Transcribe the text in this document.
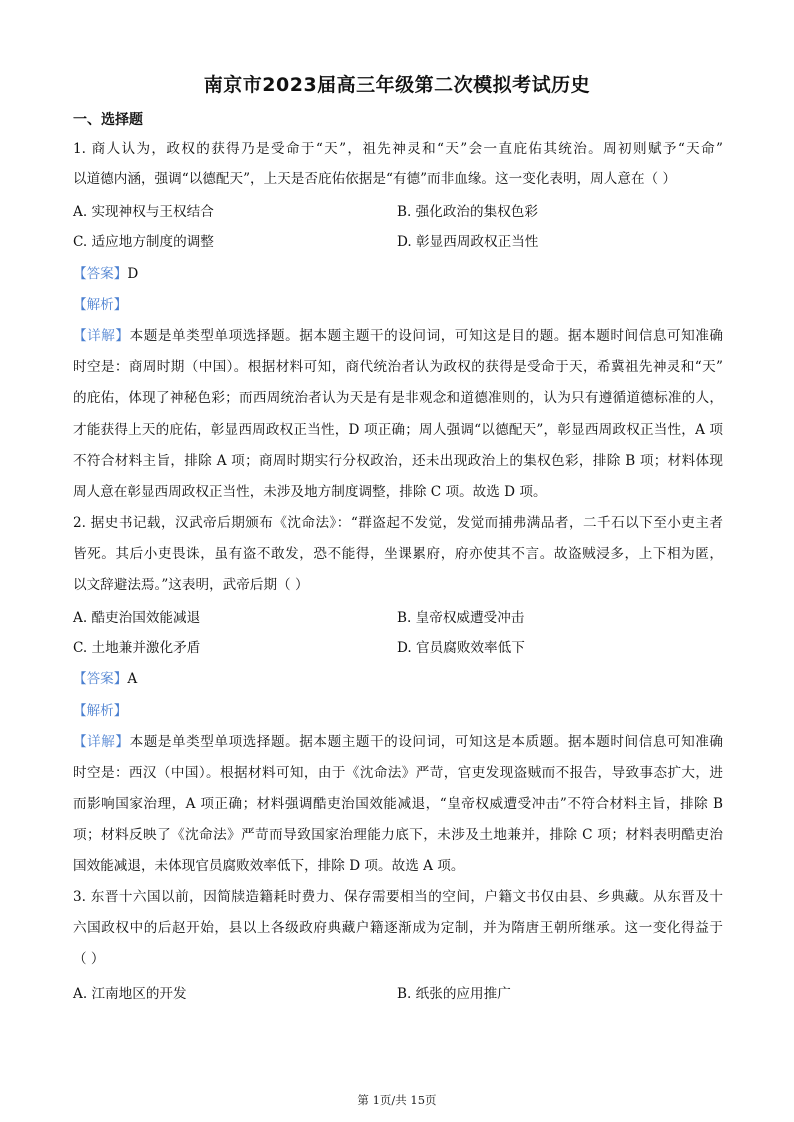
南京市2023届高三年级第二次模拟考试历史
一、选择题
1. 商人认为，政权的获得乃是受命于“天”，祖先神灵和“天”会一直庇佑其统治。周初则赋予“天命”
以道德内涵，强调“以德配天”，上天是否庇佑依据是“有德”而非血缘。这一变化表明，周人意在（ ）
A. 实现神权与王权结合	B. 强化政治的集权色彩
C. 适应地方制度的调整	D. 彰显西周政权正当性
【答案】D
【解析】
【详解】本题是单类型单项选择题。据本题主题干的设问词，可知这是目的题。据本题时间信息可知准确
时空是：商周时期（中国）。根据材料可知，商代统治者认为政权的获得是受命于天，希冀祖先神灵和“天”
的庇佑，体现了神秘色彩；而西周统治者认为天是有是非观念和道德准则的，认为只有遵循道德标准的人，
才能获得上天的庇佑，彰显西周政权正当性，D 项正确；周人强调“以德配天”，彰显西周政权正当性，A 项
不符合材料主旨，排除 A 项；商周时期实行分权政治，还未出现政治上的集权色彩，排除 B 项；材料体现
周人意在彰显西周政权正当性，未涉及地方制度调整，排除 C 项。故选 D 项。
2. 据史书记载，汉武帝后期颁布《沈命法》：“群盗起不发觉，发觉而捕弗满品者，二千石以下至小吏主者
皆死。其后小吏畏诛，虽有盗不敢发，恐不能得，坐课累府，府亦使其不言。故盗贼浸多，上下相为匿，
以文辞避法焉。”这表明，武帝后期（ ）
A. 酷吏治国效能减退	B. 皇帝权威遭受冲击
C. 土地兼并激化矛盾	D. 官员腐败效率低下
【答案】A
【解析】
【详解】本题是单类型单项选择题。据本题主题干的设问词，可知这是本质题。据本题时间信息可知准确
时空是：西汉（中国）。根据材料可知，由于《沈命法》严苛，官吏发现盗贼而不报告，导致事态扩大，进
而影响国家治理，A 项正确；材料强调酷吏治国效能减退，“皇帝权威遭受冲击”不符合材料主旨，排除 B
项；材料反映了《沈命法》严苛而导致国家治理能力底下，未涉及土地兼并，排除 C 项；材料表明酷吏治
国效能减退，未体现官员腐败效率低下，排除 D 项。故选 A 项。
3. 东晋十六国以前，因简牍造籍耗时费力、保存需要相当的空间，户籍文书仅由县、乡典藏。从东晋及十
六国政权中的后赵开始，县以上各级政府典藏户籍逐渐成为定制，并为隋唐王朝所继承。这一变化得益于
（ ）
A. 江南地区的开发	B. 纸张的应用推广
第 1页/共 15页
